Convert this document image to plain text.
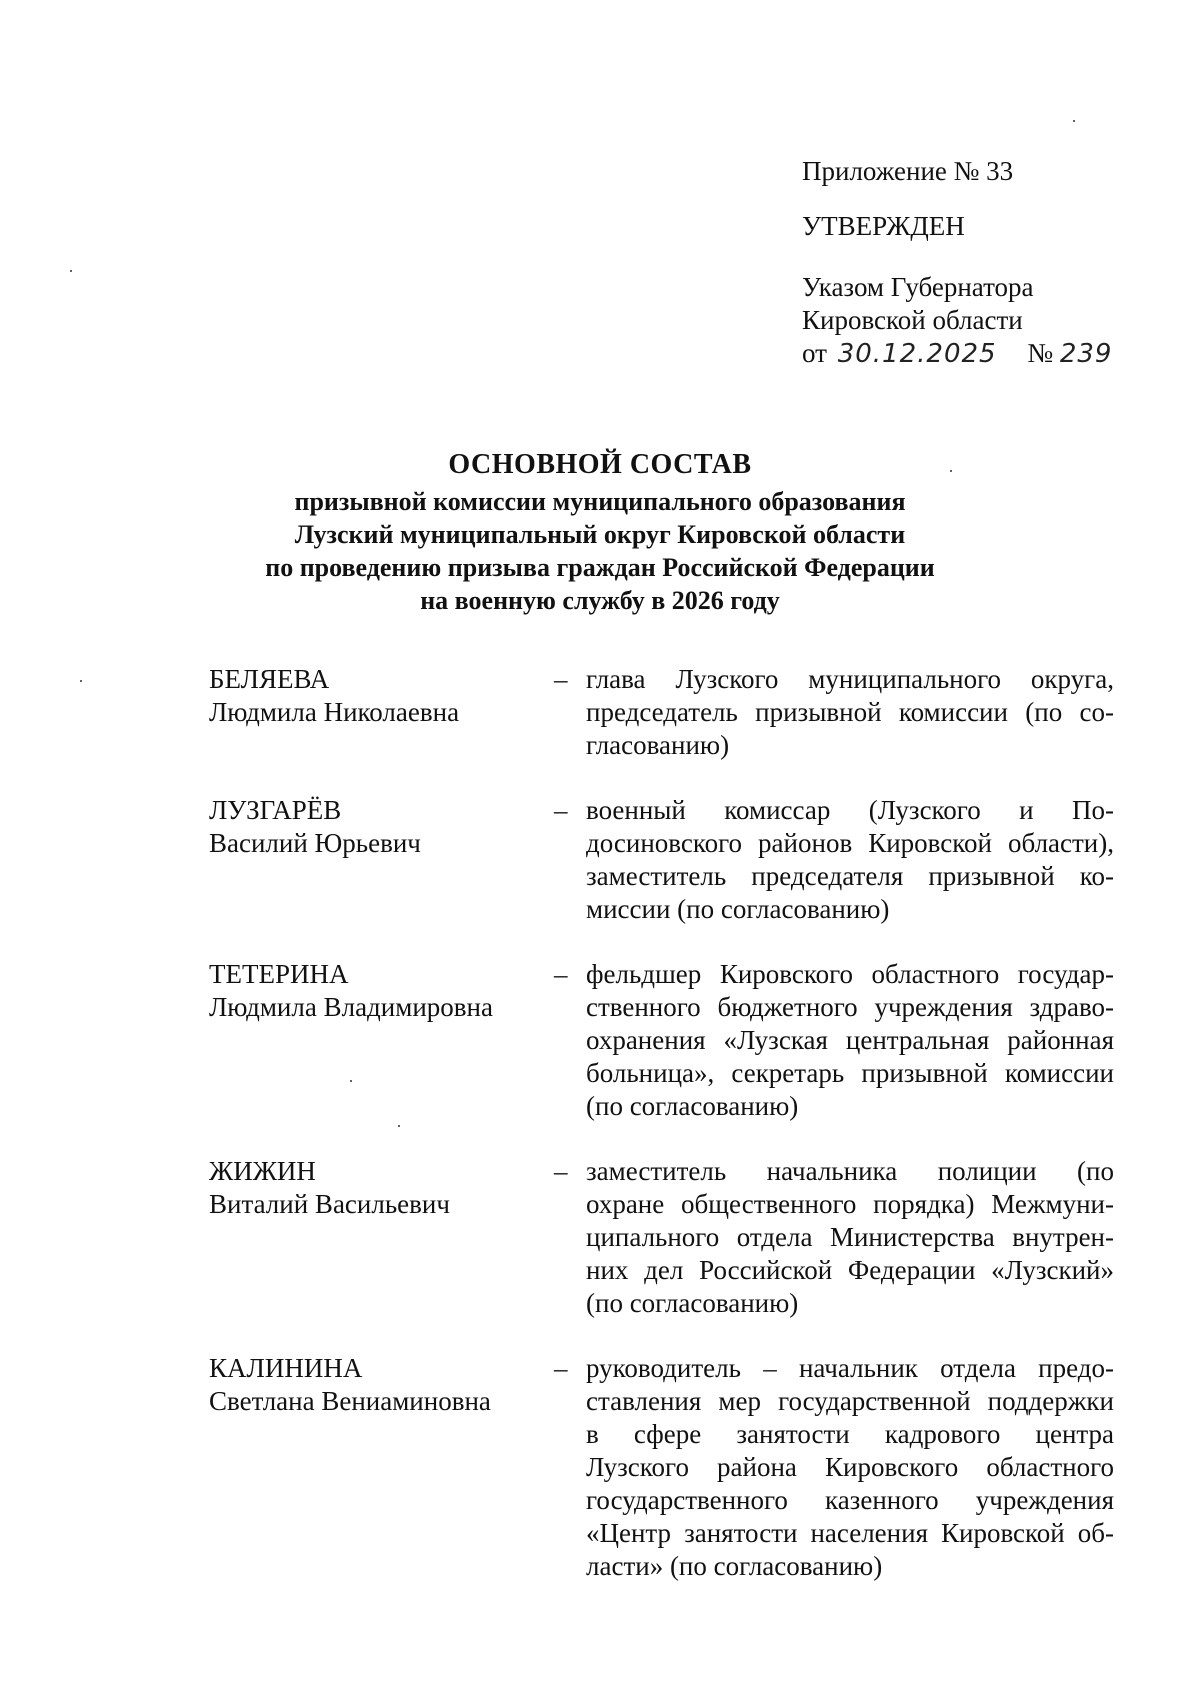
Приложение № 33
УТВЕРЖДЕН
Указом Губернатора
Кировской области
от 30.12.2025 № 239
ОСНОВНОЙ СОСТАВ
призывной комиссии муниципального образования
Лузский муниципальный округ Кировской области
по проведению призыва граждан Российской Федерации
на военную службу в 2026 году
БЕЛЯЕВА
Людмила Николаевна
– глава Лузского муниципального округа,
председатель призывной комиссии (по со-
гласованию)
ЛУЗГАРЁВ
Василий Юрьевич
– военный комиссар (Лузского и По-
досиновского районов Кировской области),
заместитель председателя призывной ко-
миссии (по согласованию)
ТЕТЕРИНА
Людмила Владимировна
– фельдшер Кировского областного государ-
ственного бюджетного учреждения здраво-
охранения «Лузская центральная районная
больница», секретарь призывной комиссии
(по согласованию)
ЖИЖИН
Виталий Васильевич
– заместитель начальника полиции (по
охране общественного порядка) Межмуни-
ципального отдела Министерства внутрен-
них дел Российской Федерации «Лузский»
(по согласованию)
КАЛИНИНА
Светлана Вениаминовна
– руководитель – начальник отдела предо-
ставления мер государственной поддержки
в сфере занятости кадрового центра
Лузского района Кировского областного
государственного казенного учреждения
«Центр занятости населения Кировской об-
ласти» (по согласованию)
